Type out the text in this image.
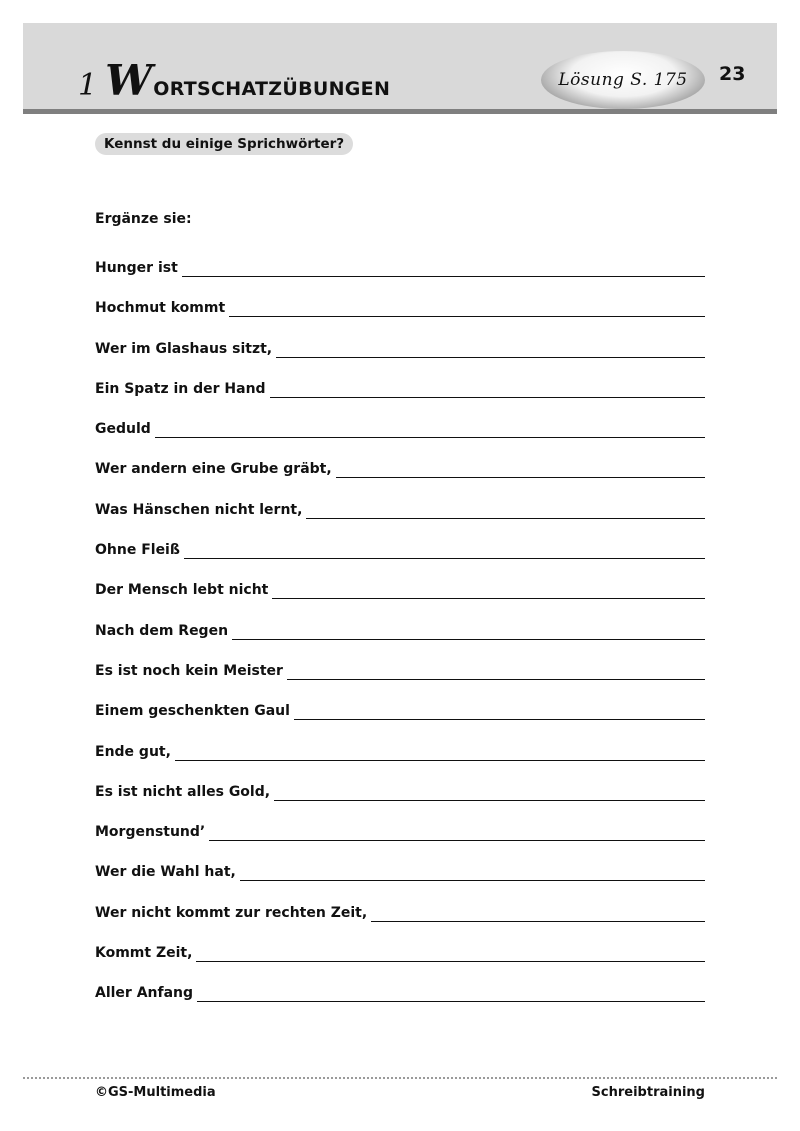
1 W ORTSCHATZÜBUNGEN	Lösung S. 175 23
Kennst du einige Sprichwörter?
Ergänze sie:
Hunger ist
Hochmut kommt
Wer im Glashaus sitzt,
Ein Spatz in der Hand
Geduld
Wer andern eine Grube gräbt,
Was Hänschen nicht lernt,
Ohne Fleiß
Der Mensch lebt nicht
Nach dem Regen
Es ist noch kein Meister
Einem geschenkten Gaul
Ende gut,
Es ist nicht alles Gold,
Morgenstund’
Wer die Wahl hat,
Wer nicht kommt zur rechten Zeit,
Kommt Zeit,
Aller Anfang
©GS-Multimedia	Schreibtraining
